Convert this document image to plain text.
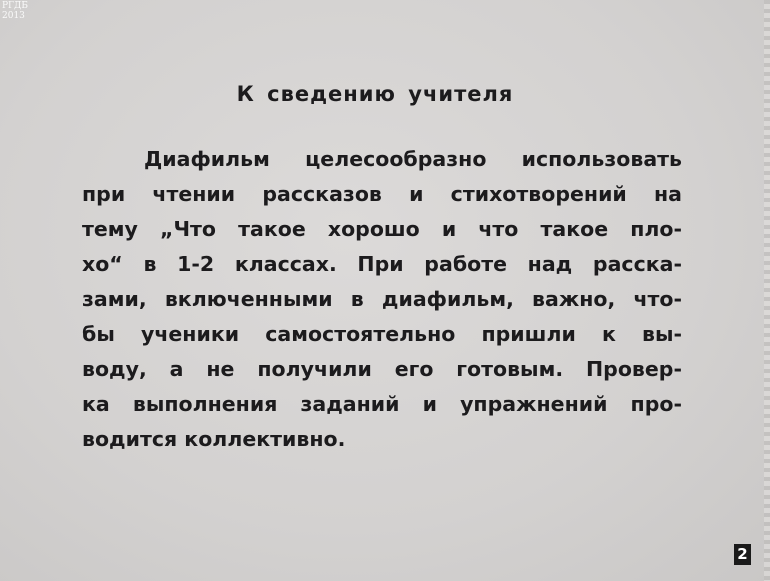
РГДБ
2013
К сведению учителя
Диафильм целесообразно использовать
при чтении рассказов и стихотворений на
тему „Что такое хорошо и что такое пло-
хо“ в 1-2 классах. При работе над расска-
зами, включенными в диафильм, важно, что-
бы ученики самостоятельно пришли к вы-
воду, а не получили его готовым. Провер-
ка выполнения заданий и упражнений про-
водится коллективно.
2
